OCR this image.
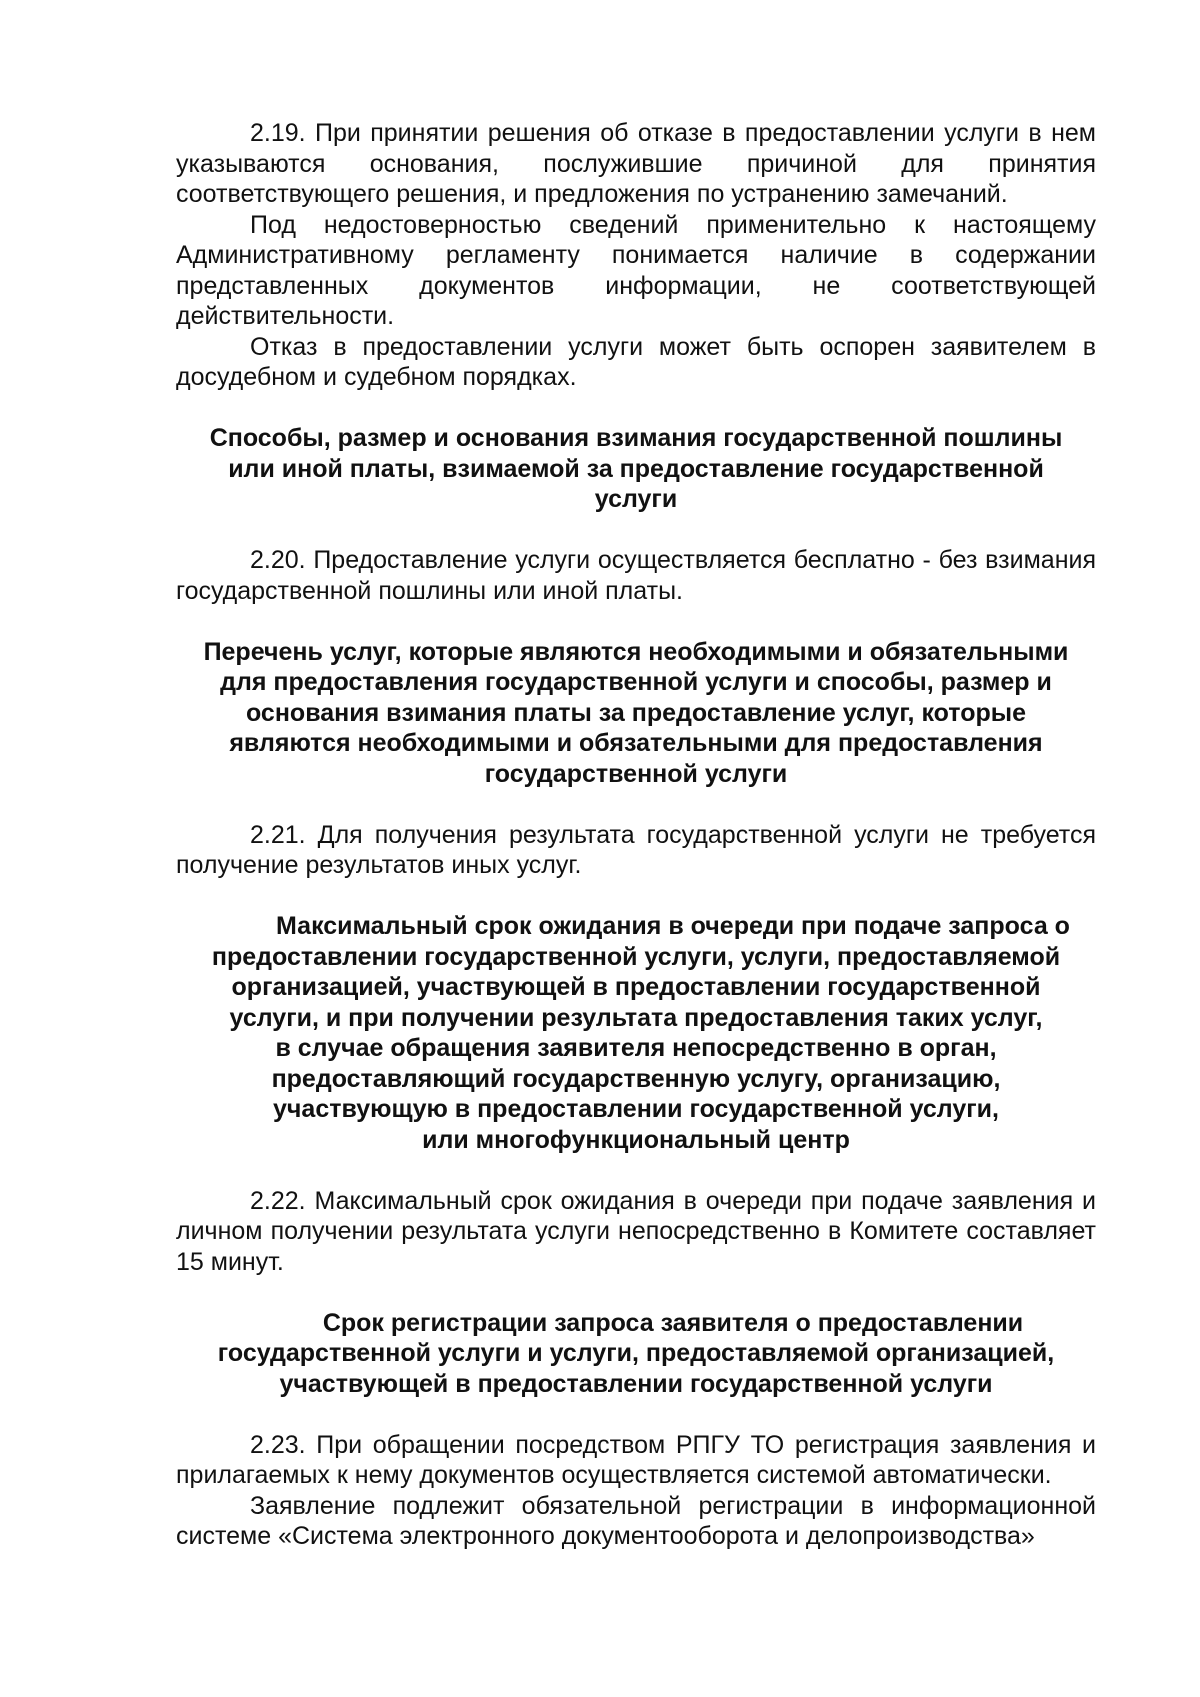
2.19. При принятии решения об отказе в предоставлении услуги в нем указываются основания, послужившие причиной для принятия соответствующего решения, и предложения по устранению замечаний.

Под недостоверностью сведений применительно к настоящему Административному регламенту понимается наличие в содержании представленных документов информации, не соответствующей действительности.

Отказ в предоставлении услуги может быть оспорен заявителем в досудебном и судебном порядках.

Способы, размер и основания взимания государственной пошлины
или иной платы, взимаемой за предоставление государственной
услуги

2.20. Предоставление услуги осуществляется бесплатно - без взимания государственной пошлины или иной платы.

Перечень услуг, которые являются необходимыми и обязательными
для предоставления государственной услуги и способы, размер и
основания взимания платы за предоставление услуг, которые
являются необходимыми и обязательными для предоставления
государственной услуги

2.21. Для получения результата государственной услуги не требуется получение результатов иных услуг.

Максимальный срок ожидания в очереди при подаче запроса о
предоставлении государственной услуги, услуги, предоставляемой
организацией, участвующей в предоставлении государственной
услуги, и при получении результата предоставления таких услуг,
в случае обращения заявителя непосредственно в орган,
предоставляющий государственную услугу, организацию,
участвующую в предоставлении государственной услуги,
или многофункциональный центр

2.22. Максимальный срок ожидания в очереди при подаче заявления и личном получении результата услуги непосредственно в Комитете составляет 15 минут.

Срок регистрации запроса заявителя о предоставлении
государственной услуги и услуги, предоставляемой организацией,
участвующей в предоставлении государственной услуги

2.23. При обращении посредством РПГУ ТО регистрация заявления и прилагаемых к нему документов осуществляется системой автоматически.

Заявление подлежит обязательной регистрации в информационной системе «Система электронного документооборота и делопроизводства»
